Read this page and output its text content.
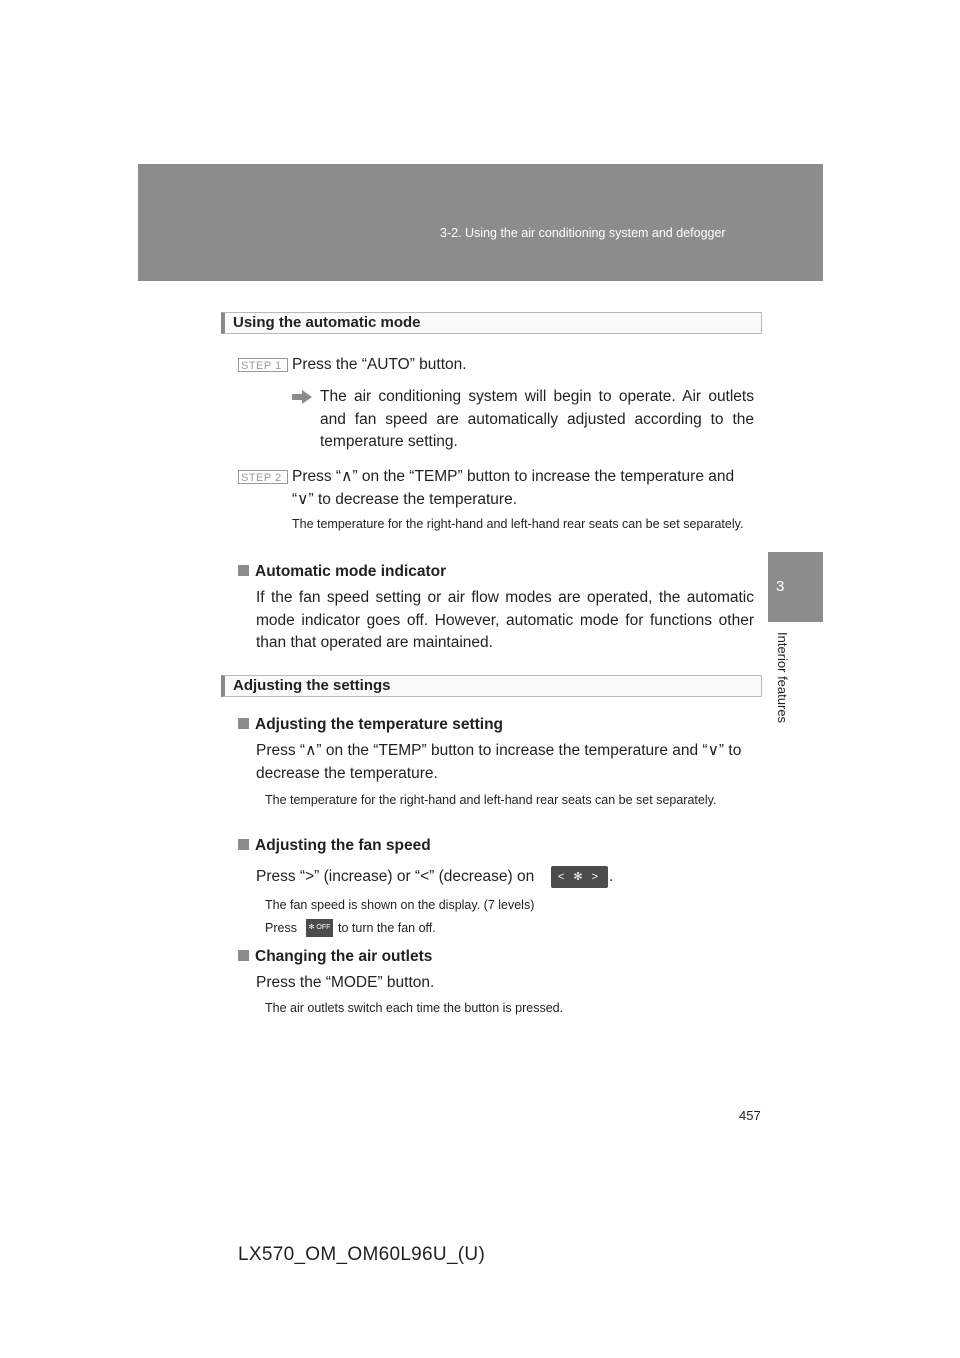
3-2. Using the air conditioning system and defogger
3
Interior features
Using the automatic mode
STEP 1 Press the “AUTO” button.
The air conditioning system will begin to operate. Air outlets and fan speed are automatically adjusted according to the temperature setting.
STEP 2 Press “∧” on the “TEMP” button to increase the temperature and “∨” to decrease the temperature.
The temperature for the right-hand and left-hand rear seats can be set separately.
Automatic mode indicator
If the fan speed setting or air flow modes are operated, the automatic mode indicator goes off. However, automatic mode for functions other than that operated are maintained.
Adjusting the settings
Adjusting the temperature setting
Press “∧” on the “TEMP” button to increase the temperature and “∨” to decrease the temperature.
The temperature for the right-hand and left-hand rear seats can be set separately.
Adjusting the fan speed
Press “>” (increase) or “<” (decrease) on	< ✻ > .
The fan speed is shown on the display. (7 levels)
Press	✻ OFF to turn the fan off.
Changing the air outlets
Press the “MODE” button.
The air outlets switch each time the button is pressed.
457
LX570_OM_OM60L96U_(U)
